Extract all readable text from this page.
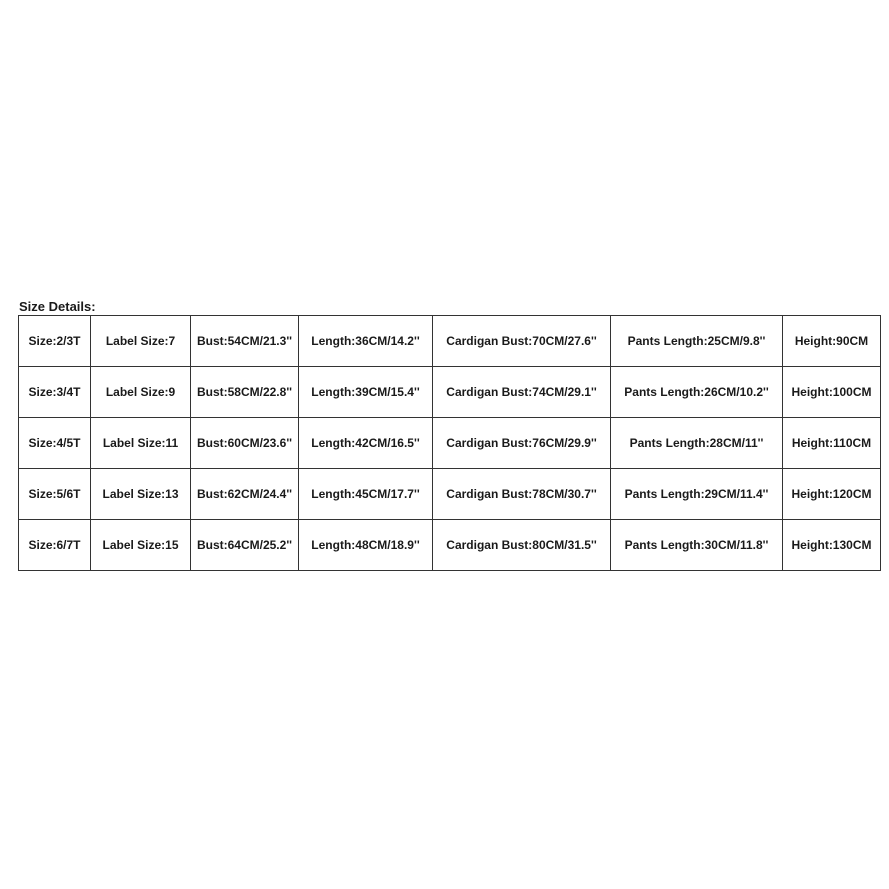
Size Details:
Size:2/3T	Label Size:7	Bust:54CM/21.3''	Length:36CM/14.2''	Cardigan Bust:70CM/27.6''	Pants Length:25CM/9.8''	Height:90CM
Size:3/4T	Label Size:9	Bust:58CM/22.8''	Length:39CM/15.4''	Cardigan Bust:74CM/29.1''	Pants Length:26CM/10.2''	Height:100CM
Size:4/5T	Label Size:11	Bust:60CM/23.6''	Length:42CM/16.5''	Cardigan Bust:76CM/29.9''	Pants Length:28CM/11''	Height:110CM
Size:5/6T	Label Size:13	Bust:62CM/24.4''	Length:45CM/17.7''	Cardigan Bust:78CM/30.7''	Pants Length:29CM/11.4''	Height:120CM
Size:6/7T	Label Size:15	Bust:64CM/25.2''	Length:48CM/18.9''	Cardigan Bust:80CM/31.5''	Pants Length:30CM/11.8''	Height:130CM
